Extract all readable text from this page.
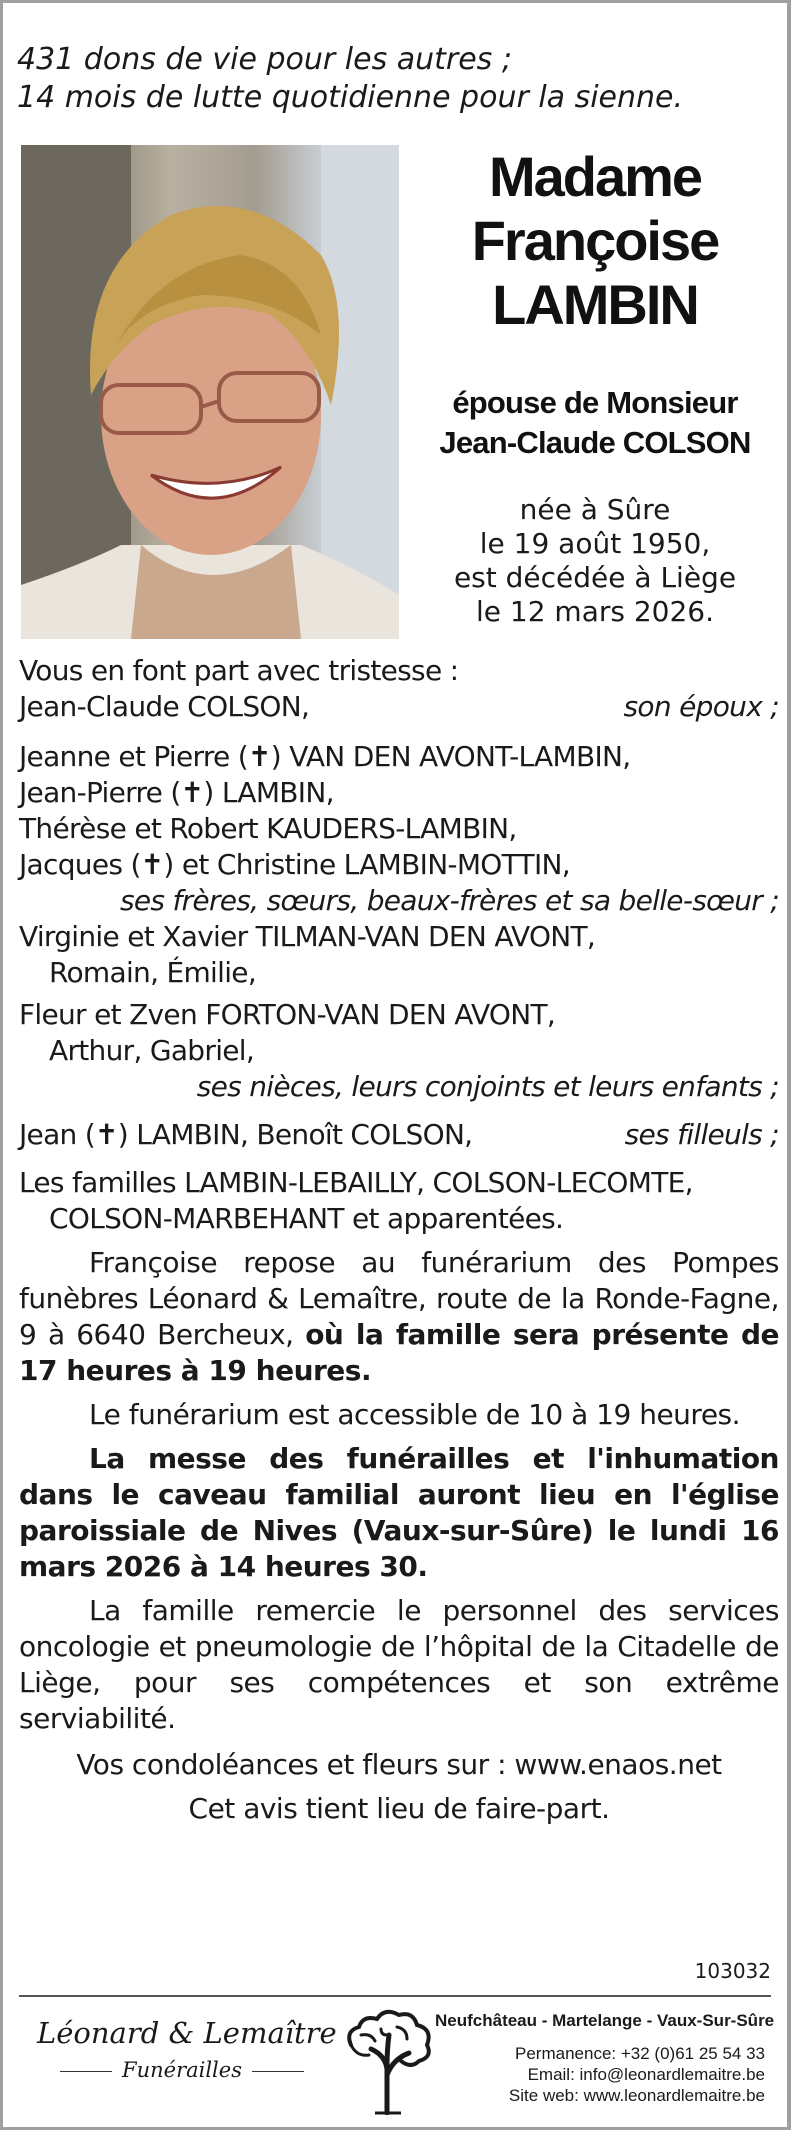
431 dons de vie pour les autres ;
14 mois de lutte quotidienne pour la sienne.
Madame
Françoise
LAMBIN
épouse de Monsieur
Jean-Claude COLSON
née à Sûre
le 19 août 1950,
est décédée à Liège
le 12 mars 2026.
Vous en font part avec tristesse :
Jean-Claude COLSON,	son époux ;
Jeanne et Pierre (✝) VAN DEN AVONT-LAMBIN,
Jean-Pierre (✝) LAMBIN,
Thérèse et Robert KAUDERS-LAMBIN,
Jacques (✝) et Christine LAMBIN-MOTTIN,
ses frères, sœurs, beaux-frères et sa belle-sœur ;
Virginie et Xavier TILMAN-VAN DEN AVONT,
Romain, Émilie,
Fleur et Zven FORTON-VAN DEN AVONT,
Arthur, Gabriel,
ses nièces, leurs conjoints et leurs enfants ;
Jean (✝) LAMBIN, Benoît COLSON,	ses filleuls ;
Les familles LAMBIN-LEBAILLY, COLSON-LECOMTE,
COLSON-MARBEHANT et apparentées.

Françoise repose au funérarium des Pompes funèbres Léonard & Lemaître, route de la Ronde-Fagne, 9 à 6640 Bercheux, où la famille sera présente de 17 heures à 19 heures.

Le funérarium est accessible de 10 à 19 heures.

La messe des funérailles et l'inhumation dans le caveau familial auront lieu en l'église paroissiale de Nives (Vaux-sur-Sûre) le lundi 16 mars 2026 à 14 heures 30.

La famille remercie le personnel des services oncologie et pneumologie de l’hôpital de la Citadelle de Liège, pour ses compétences et son extrême serviabilité.

Vos condoléances et fleurs sur : www.enaos.net
Cet avis tient lieu de faire-part.
103032
Léonard & Lemaître
Funérailles
Neufchâteau - Martelange - Vaux-Sur-Sûre
Permanence: +32 (0)61 25 54 33
Email: info@leonardlemaitre.be
Site web: www.leonardlemaitre.be
